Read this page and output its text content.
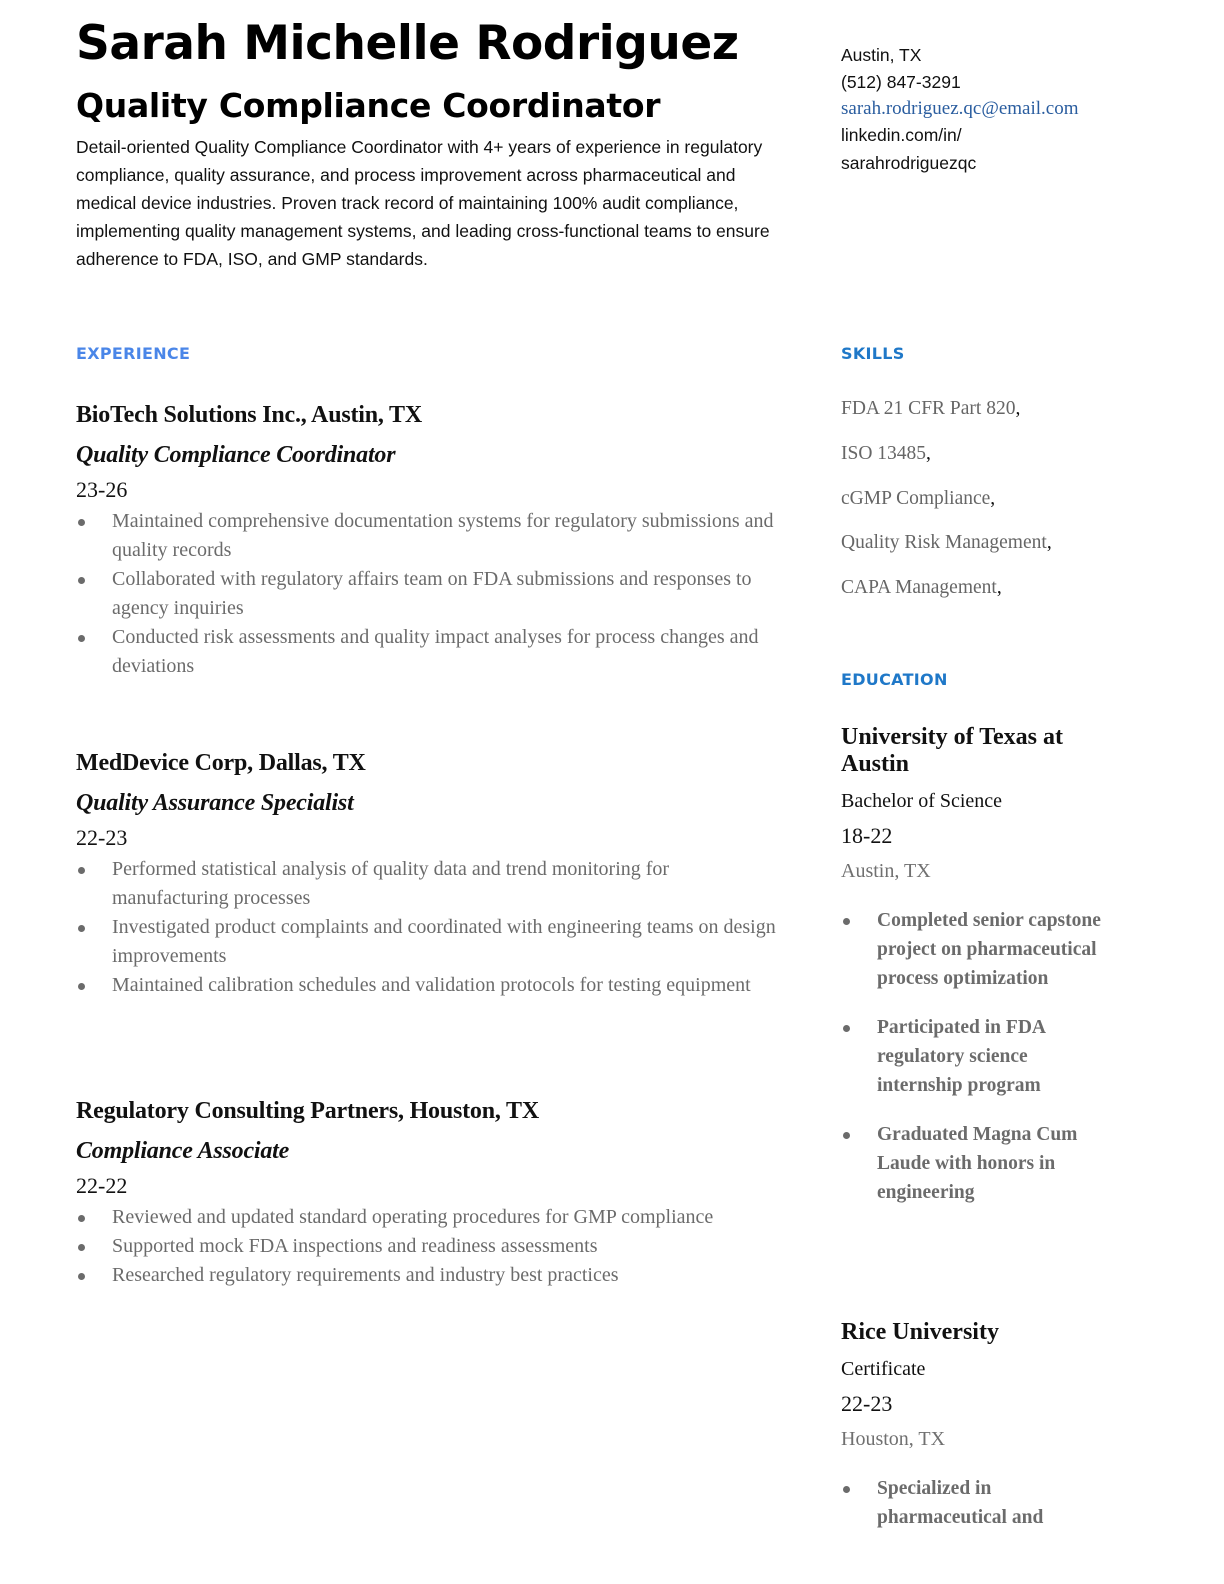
Sarah Michelle Rodriguez
Quality Compliance Coordinator

Detail-oriented Quality Compliance Coordinator with 4+ years of experience in regulatory compliance, quality assurance, and process improvement across pharmaceutical and medical device industries. Proven track record of maintaining 100% audit compliance, implementing quality management systems, and leading cross-functional teams to ensure adherence to FDA, ISO, and GMP standards.

Austin, TX
(512) 847-3291
sarah.rodriguez.qc@email.com
linkedin.com/in/
sarahrodriguezqc
EXPERIENCE	SKILLS
EDUCATION

BioTech Solutions Inc., Austin, TX

Quality Compliance Coordinator

23-26

Maintained comprehensive documentation systems for regulatory submissions and quality records
Collaborated with regulatory affairs team on FDA submissions and responses to agency inquiries
Conducted risk assessments and quality impact analyses for process changes and deviations

MedDevice Corp, Dallas, TX

Quality Assurance Specialist

22-23

Performed statistical analysis of quality data and trend monitoring for manufacturing processes
Investigated product complaints and coordinated with engineering teams on design improvements
Maintained calibration schedules and validation protocols for testing equipment

Regulatory Consulting Partners, Houston, TX

Compliance Associate

22-22

Reviewed and updated standard operating procedures for GMP compliance
Supported mock FDA inspections and readiness assessments
Researched regulatory requirements and industry best practices
FDA 21 CFR Part 820,
ISO 13485,
cGMP Compliance,
Quality Risk Management,
CAPA Management,

University of Texas at Austin

Bachelor of Science

18-22

Austin, TX

Completed senior capstone project on pharmaceutical process optimization
Participated in FDA regulatory science internship program
Graduated Magna Cum Laude with honors in engineering

Rice University

Certificate

22-23

Houston, TX

Specialized in pharmaceutical and
